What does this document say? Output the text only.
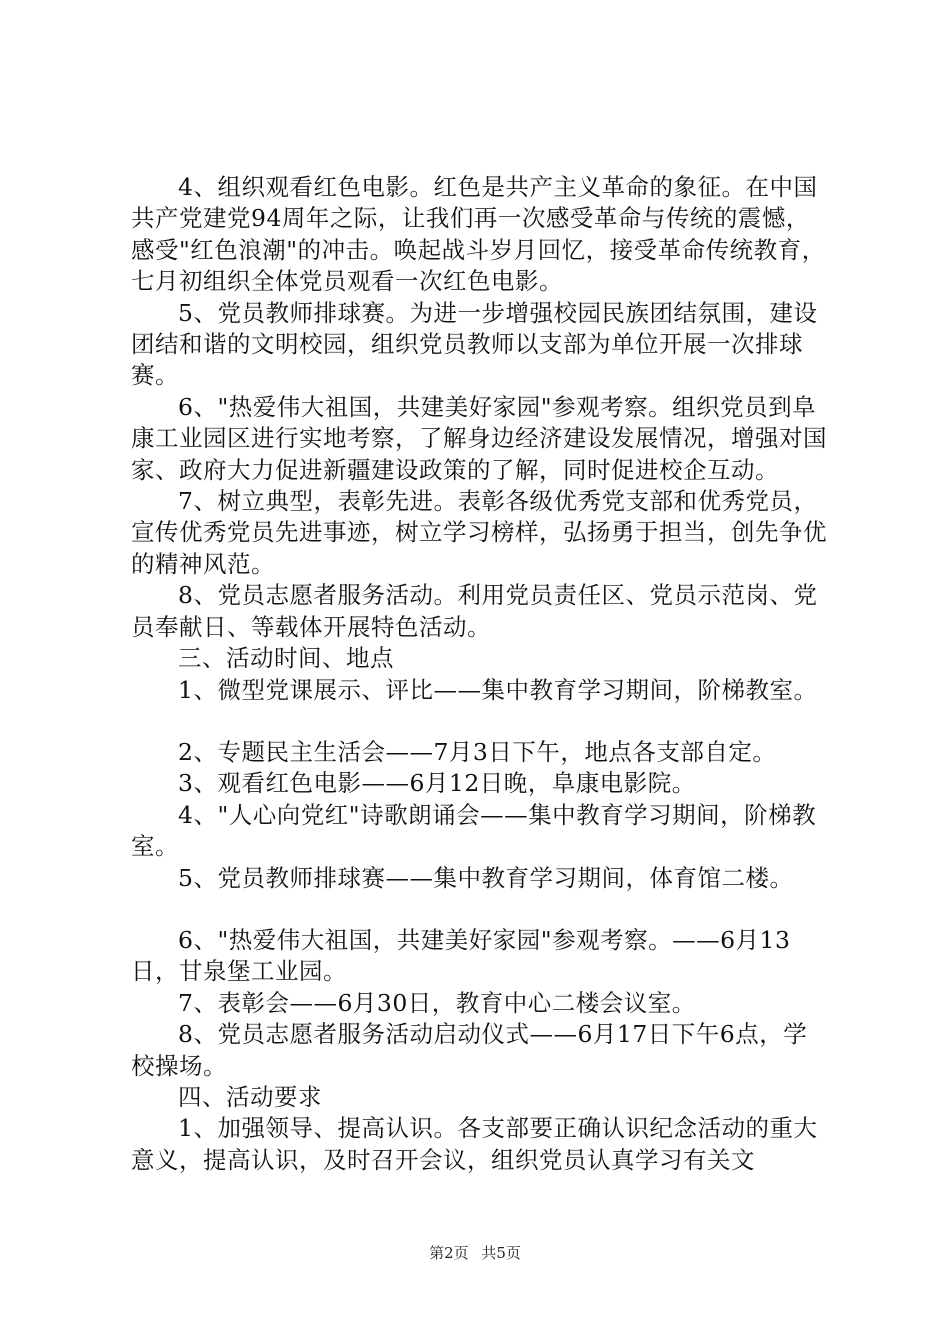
4、组织观看红色电影。红色是共产主义革命的象征。在中国共产党建党94周年之际，让我们再一次感受革命与传统的震憾，感受"红色浪潮"的冲击。唤起战斗岁月回忆，接受革命传统教育，七月初组织全体党员观看一次红色电影。

5、党员教师排球赛。为进一步增强校园民族团结氛围，建设团结和谐的文明校园，组织党员教师以支部为单位开展一次排球赛。

6、"热爱伟大祖国，共建美好家园"参观考察。组织党员到阜康工业园区进行实地考察，了解身边经济建设发展情况，增强对国家、政府大力促进新疆建设政策的了解，同时促进校企互动。

7、树立典型，表彰先进。表彰各级优秀党支部和优秀党员，宣传优秀党员先进事迹，树立学习榜样，弘扬勇于担当，创先争优的精神风范。

8、党员志愿者服务活动。利用党员责任区、党员示范岗、党员奉献日、等载体开展特色活动。

三、活动时间、地点

1、微型党课展示、评比——集中教育学习期间，阶梯教室。

2、专题民主生活会——7月3日下午，地点各支部自定。

3、观看红色电影——6月12日晚，阜康电影院。

4、"人心向党红"诗歌朗诵会——集中教育学习期间，阶梯教室。

5、党员教师排球赛——集中教育学习期间，体育馆二楼。

6、"热爱伟大祖国，共建美好家园"参观考察。——6月13日，甘泉堡工业园。

7、表彰会——6月30日，教育中心二楼会议室。

8、党员志愿者服务活动启动仪式——6月17日下午6点，学校操场。

四、活动要求

1、加强领导、提高认识。各支部要正确认识纪念活动的重大意义，提高认识，及时召开会议，组织党员认真学习有关文

第2页 共5页
